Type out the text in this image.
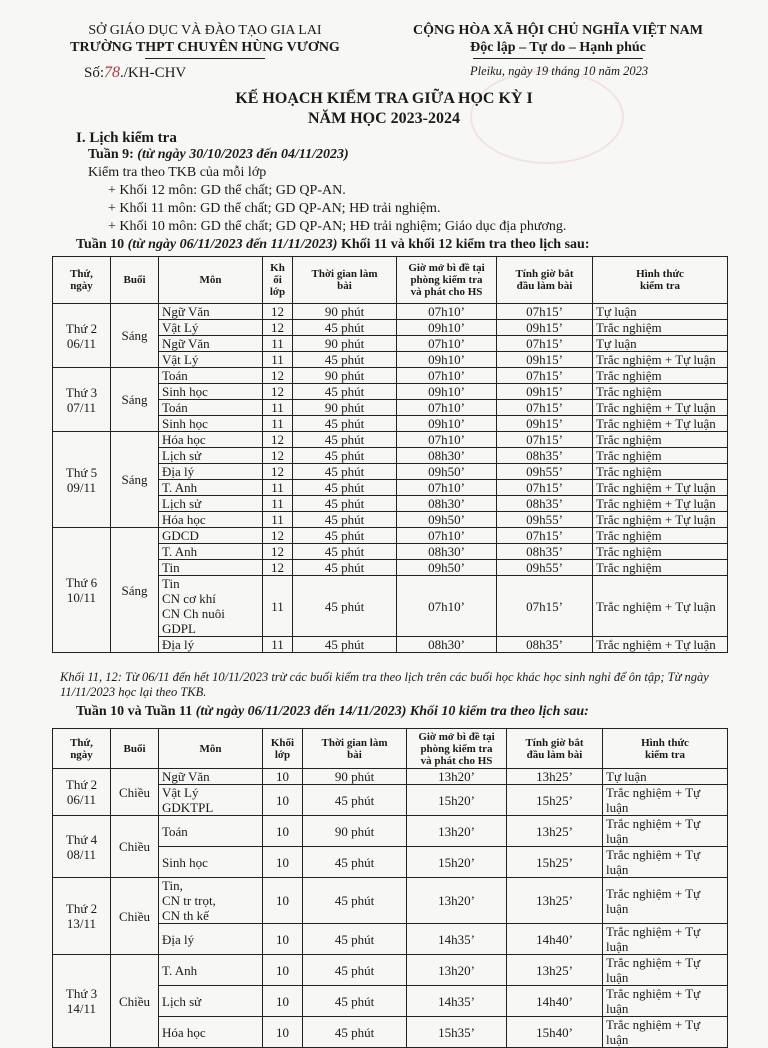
SỞ GIÁO DỤC VÀ ĐÀO TẠO GIA LAI
TRƯỜNG THPT CHUYÊN HÙNG VƯƠNG
CỘNG HÒA XÃ HỘI CHỦ NGHĨA VIỆT NAM
Độc lập – Tự do – Hạnh phúc
Số:78./KH-CHV	Pleiku, ngày 19 tháng 10 năm 2023
KẾ HOẠCH KIỂM TRA GIỮA HỌC KỲ I
NĂM HỌC 2023-2024
I. Lịch kiểm tra
Tuần 9: (từ ngày 30/10/2023 đến 04/11/2023)
Kiểm tra theo TKB của mỗi lớp
+ Khối 12 môn: GD thể chất; GD QP-AN.
+ Khối 11 môn: GD thể chất; GD QP-AN; HĐ trải nghiệm.
+ Khối 10 môn: GD thể chất; GD QP-AN; HĐ trải nghiệm; Giáo dục địa phương.
Tuần 10 (từ ngày 06/11/2023 đến 11/11/2023) Khối 11 và khối 12 kiểm tra theo lịch sau:
Thứ,
ngày	Buổi	Môn	Kh
ối
lớp	Thời gian làm
bài	Giờ mở bì đề tại
phòng kiểm tra
và phát cho HS	Tính giờ bắt
đầu làm bài	Hình thức
kiểm tra
Thứ 2
06/11	Sáng	Ngữ Văn	12	90 phút	07h10’	07h15’	Tự luận
		Vật Lý	12	45 phút	09h10’	09h15’	Trắc nghiệm
		Ngữ Văn	11	90 phút	07h10’	07h15’	Tự luận
		Vật Lý	11	45 phút	09h10’	09h15’	Trắc nghiệm + Tự luận
Thứ 3
07/11	Sáng	Toán	12	90 phút	07h10’	07h15’	Trắc nghiệm
		Sinh học	12	45 phút	09h10’	09h15’	Trắc nghiệm
		Toán	11	90 phút	07h10’	07h15’	Trắc nghiệm + Tự luận
		Sinh học	11	45 phút	09h10’	09h15’	Trắc nghiệm + Tự luận
Thứ 5
09/11	Sáng	Hóa học	12	45 phút	07h10’	07h15’	Trắc nghiệm
		Lịch sử	12	45 phút	08h30’	08h35’	Trắc nghiệm
		Địa lý	12	45 phút	09h50’	09h55’	Trắc nghiệm
		T. Anh	11	45 phút	07h10’	07h15’	Trắc nghiệm + Tự luận
		Lịch sử	11	45 phút	08h30’	08h35’	Trắc nghiệm + Tự luận
		Hóa học	11	45 phút	09h50’	09h55’	Trắc nghiệm + Tự luận
Thứ 6
10/11	Sáng	GDCD	12	45 phút	07h10’	07h15’	Trắc nghiệm
		T. Anh	12	45 phút	08h30’	08h35’	Trắc nghiệm
		Tin	12	45 phút	09h50’	09h55’	Trắc nghiệm
		Tin
CN cơ khí
CN Ch nuôi
GDPL	11	45 phút	07h10’	07h15’	Trắc nghiệm + Tự luận
		Địa lý	11	45 phút	08h30’	08h35’	Trắc nghiệm + Tự luận
Khối 11, 12: Từ 06/11 đến hết 10/11/2023 trừ các buổi kiểm tra theo lịch trên các buổi học khác học sinh nghỉ để ôn tập; Từ ngày 11/11/2023 học lại theo TKB.
Tuần 10 và Tuần 11 (từ ngày 06/11/2023 đến 14/11/2023) Khối 10 kiểm tra theo lịch sau:
Thứ,
ngày	Buổi	Môn	Khối
lớp	Thời gian làm
bài	Giờ mở bì đề tại
phòng kiểm tra
và phát cho HS	Tính giờ bắt
đầu làm bài	Hình thức
kiểm tra
Thứ 2
06/11	Chiều	Ngữ Văn	10	90 phút	13h20’	13h25’	Tự luận
		Vật Lý
GDKTPL	10	45 phút	15h20’	15h25’	Trắc nghiệm + Tự luận
Thứ 4
08/11	Chiều	Toán	10	90 phút	13h20’	13h25’	Trắc nghiệm + Tự luận
		Sinh học	10	45 phút	15h20’	15h25’	Trắc nghiệm + Tự luận
Thứ 2
13/11	Chiều	Tin,
CN tr trọt,
CN th kế	10	45 phút	13h20’	13h25’	Trắc nghiệm + Tự luận
		Địa lý	10	45 phút	14h35’	14h40’	Trắc nghiệm + Tự luận
Thứ 3
14/11	Chiều	T. Anh	10	45 phút	13h20’	13h25’	Trắc nghiệm + Tự luận
		Lịch sử	10	45 phút	14h35’	14h40’	Trắc nghiệm + Tự luận
		Hóa học	10	45 phút	15h35’	15h40’	Trắc nghiệm + Tự luận
